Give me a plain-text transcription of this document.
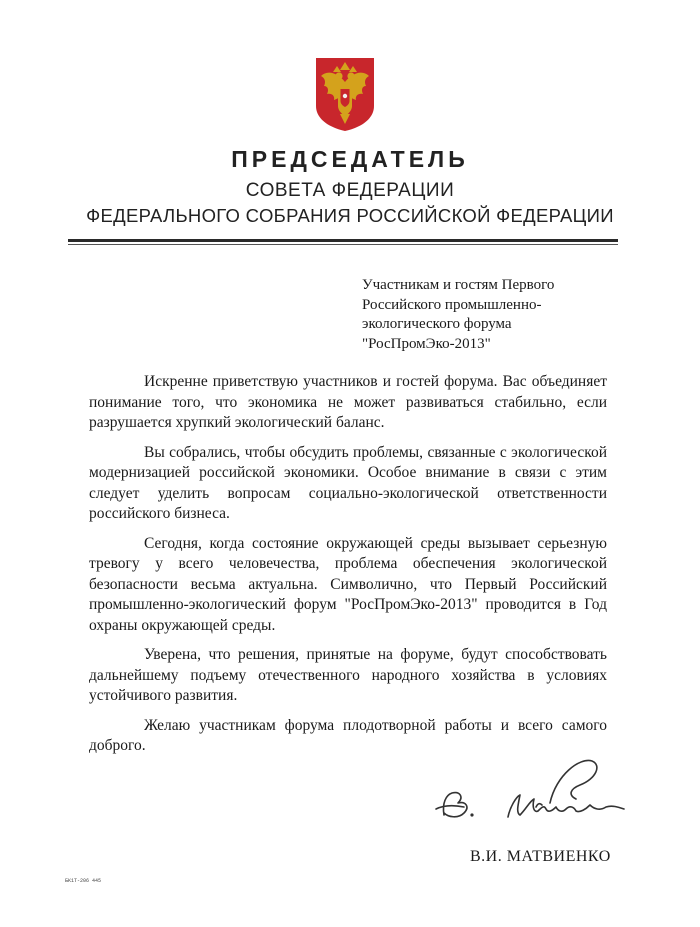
ПРЕДСЕДАТЕЛЬ
СОВЕТА ФЕДЕРАЦИИ
ФЕДЕРАЛЬНОГО СОБРАНИЯ РОССИЙСКОЙ ФЕДЕРАЦИИ
Участникам и гостям Первого
Российского промышленно-
экологического форума
"РосПромЭко-2013"

Искренне приветствую участников и гостей форума. Вас объединяет понимание того, что экономика не может развиваться стабильно, если разрушается хрупкий экологический баланс.

Вы собрались, чтобы обсудить проблемы, связанные с экологической модернизацией российской экономики. Особое внимание в связи с этим следует уделить вопросам социально-экологической ответственности российского бизнеса.

Сегодня, когда состояние окружающей среды вызывает серьезную тревогу у всего человечества, проблема обеспечения экологической безопасности весьма актуальна. Символично, что Первый Российский промышленно-экологический форум "РосПромЭко-2013" проводится в Год охраны окружающей среды.

Уверена, что решения, принятые на форуме, будут способствовать дальнейшему подъему отечественного народного хозяйства в условиях устойчивого развития.

Желаю участникам форума плодотворной работы и всего самого доброго.

В.И. МАТВИЕНКО
БК1Т-206 445
